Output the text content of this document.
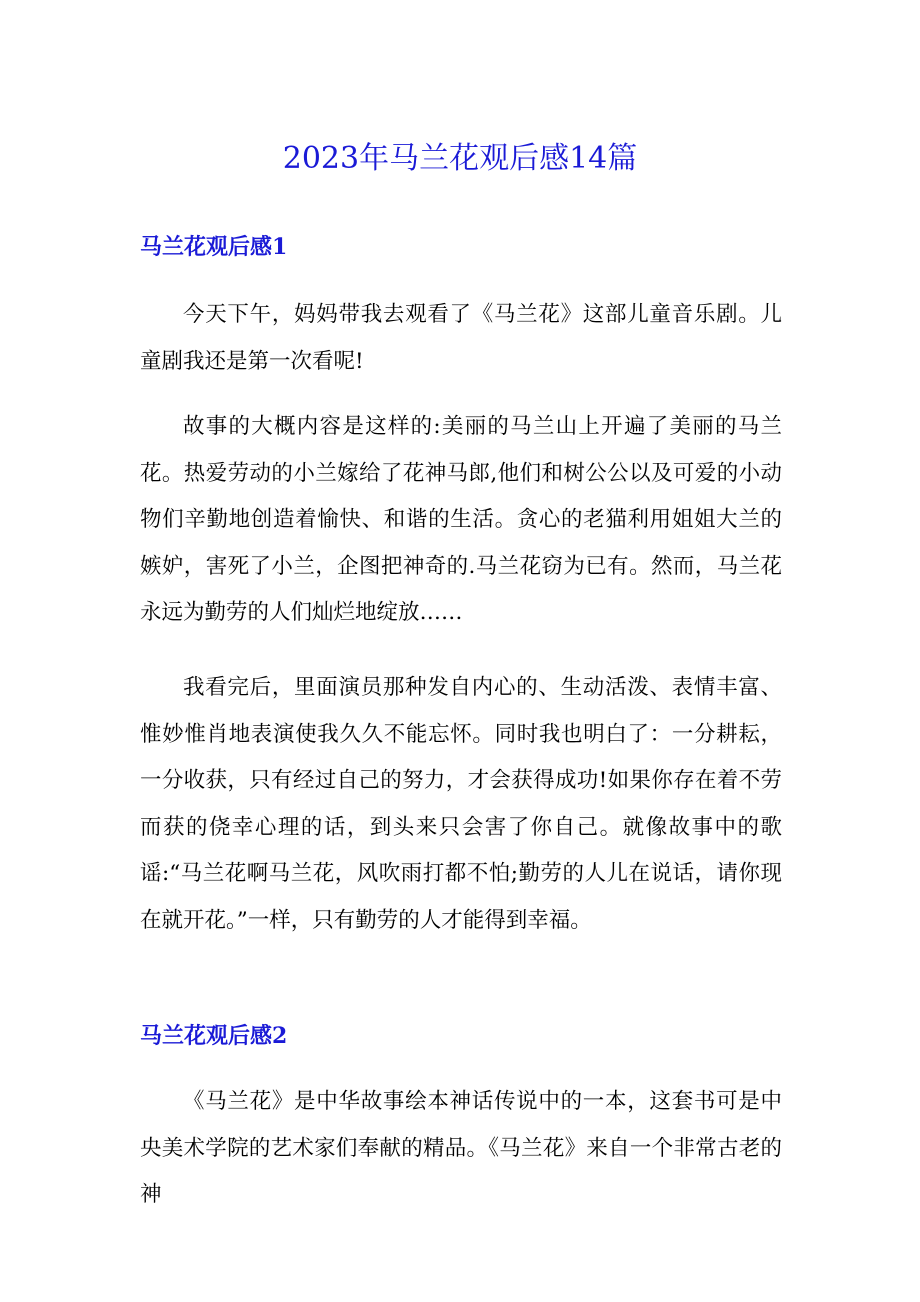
2023年马兰花观后感14篇
马兰花观后感1

今天下午，妈妈带我去观看了《马兰花》这部儿童音乐剧。儿童剧我还是第一次看呢!

故事的大概内容是这样的:美丽的马兰山上开遍了美丽的马兰花。热爱劳动的小兰嫁给了花神马郎,他们和树公公以及可爱的小动物们辛勤地创造着愉快、和谐的生活。贪心的老猫利用姐姐大兰的嫉妒，害死了小兰，企图把神奇的.马兰花窃为已有。然而，马兰花永远为勤劳的人们灿烂地绽放……

我看完后，里面演员那种发自内心的、生动活泼、表情丰富、惟妙惟肖地表演使我久久不能忘怀。同时我也明白了：一分耕耘，一分收获，只有经过自己的努力，才会获得成功!如果你存在着不劳而获的侥幸心理的话，到头来只会害了你自己。就像故事中的歌谣:“马兰花啊马兰花，风吹雨打都不怕;勤劳的人儿在说话，请你现在就开花。”一样，只有勤劳的人才能得到幸福。

马兰花观后感2

《马兰花》是中华故事绘本神话传说中的一本，这套书可是中央美术学院的艺术家们奉献的精品。《马兰花》来自一个非常古老的神
